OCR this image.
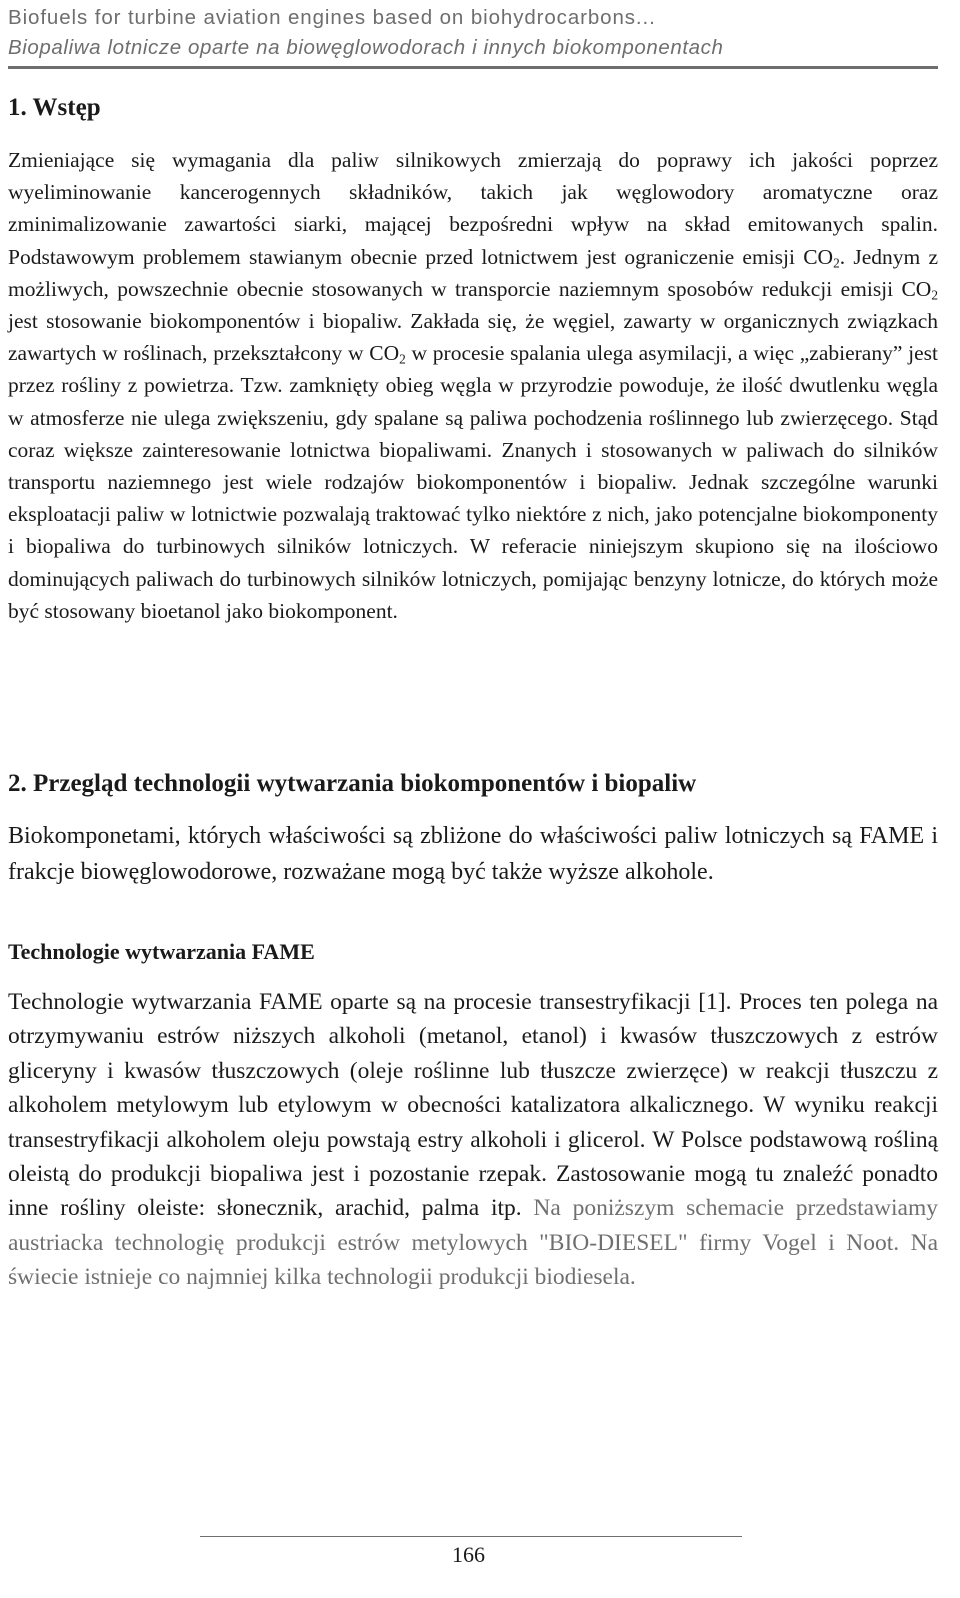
Biofuels for turbine aviation engines based on biohydrocarbons...
Biopaliwa lotnicze oparte na biowęglowodorach i innych biokomponentach
1. Wstęp

Zmieniające się wymagania dla paliw silnikowych zmierzają do poprawy ich jakości poprzez wyeliminowanie kancerogennych składników, takich jak węglowodory aromatyczne oraz zminimalizowanie zawartości siarki, mającej bezpośredni wpływ na skład emitowanych spalin. Podstawowym problemem stawianym obecnie przed lotnictwem jest ograniczenie emisji $CO_2$. Jednym z możliwych, powszechnie obecnie stosowanych w transporcie naziemnym sposobów redukcji emisji $CO_2$ jest stosowanie biokomponentów i biopaliw. Zakłada się, że węgiel, zawarty w organicznych związkach zawartych w roślinach, przekształcony w $CO_2$ w procesie spalania ulega asymilacji, a więc „zabierany” jest przez rośliny z powietrza. Tzw. zamknięty obieg węgla w przyrodzie powoduje, że ilość dwutlenku węgla w atmosferze nie ulega zwiększeniu, gdy spalane są paliwa pochodzenia roślinnego lub zwierzęcego. Stąd coraz większe zainteresowanie lotnictwa biopaliwami. Znanych i stosowanych w paliwach do silników transportu naziemnego jest wiele rodzajów biokomponentów i biopaliw. Jednak szczególne warunki eksploatacji paliw w lotnictwie pozwalają traktować tylko niektóre z nich, jako potencjalne biokomponenty i biopaliwa do turbinowych silników lotniczych. W referacie niniejszym skupiono się na ilościowo dominujących paliwach do turbinowych silników lotniczych, pomijając benzyny lotnicze, do których może być stosowany bioetanol jako biokomponent.

2. Przegląd technologii wytwarzania biokomponentów i biopaliw

Biokomponetami, których właściwości są zbliżone do właściwości paliw lotniczych są FAME i frakcje biowęglowodorowe, rozważane mogą być także wyższe alkohole.

Technologie wytwarzania FAME

Technologie wytwarzania FAME oparte są na procesie transestryfikacji [1]. Proces ten polega na otrzymywaniu estrów niższych alkoholi (metanol, etanol) i kwasów tłuszczowych z estrów gliceryny i kwasów tłuszczowych (oleje roślinne lub tłuszcze zwierzęce) w reakcji tłuszczu z alkoholem metylowym lub etylowym w obecności katalizatora alkalicznego. W wyniku reakcji transestryfikacji alkoholem oleju powstają estry alkoholi i glicerol. W Polsce podstawową rośliną oleistą do produkcji biopaliwa jest i pozostanie rzepak. Zastosowanie mogą tu znaleźć ponadto inne rośliny oleiste: słonecznik, arachid, palma itp. Na poniższym schemacie przedstawiamy austriacka technologię produkcji estrów metylowych "BIO-DIESEL" firmy Vogel i Noot. Na świecie istnieje co najmniej kilka technologii produkcji biodiesela.

166
